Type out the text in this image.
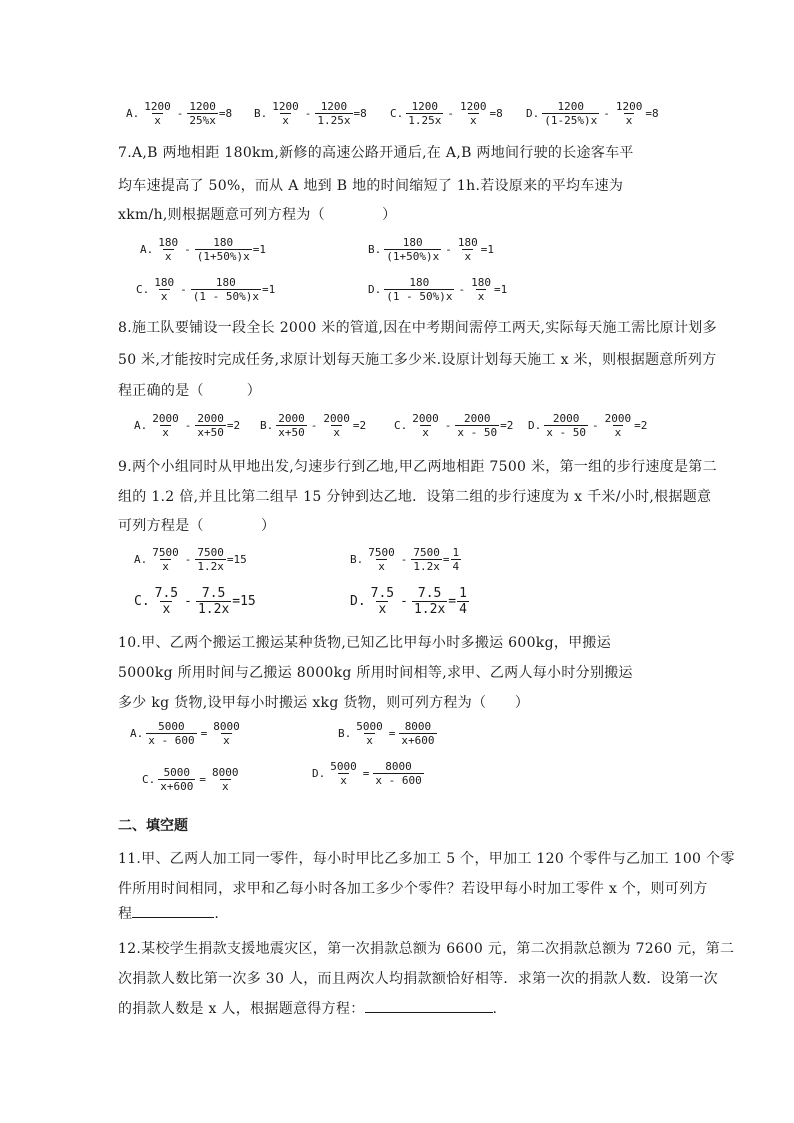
A. $\frac{1200}{x} - \frac{1200}{25\%x} =8$ B. $\frac{1200}{x} - \frac{1200}{1.25x} =8$ C. $\frac{1200}{1.25x} - \frac{1200}{x} =8$ D. $\frac{1200}{(1-25\%)x} - \frac{1200}{x} =8$
7.A,B 两地相距 180km,新修的高速公路开通后,在 A,B 两地间行驶的长途客车平
均车速提高了 50%，而从 A 地到 B 地的时间缩短了 1h.若设原来的平均车速为
xkm/h,则根据题意可列方程为（　　　　）
A. $\frac{180}{x} - \frac{180}{(1+50\%)x} =1$	B. $\frac{180}{(1+50\%)x} - \frac{180}{x} =1$
C. $\frac{180}{x} - \frac{180}{(1 - 50\%)x} =1$	D. $\frac{180}{(1 - 50\%)x} - \frac{180}{x} =1$
8.施工队要铺设一段全长 2000 米的管道,因在中考期间需停工两天,实际每天施工需比原计划多
50 米,才能按时完成任务,求原计划每天施工多少米.设原计划每天施工 x 米，则根据题意所列方
程正确的是（　　　）
A. $\frac{2000}{x} - \frac{2000}{x+50} =2$ B. $\frac{2000}{x+50} - \frac{2000}{x} =2$	C. $\frac{2000}{x} - \frac{2000}{x - 50} =2$ D. $\frac{2000}{x - 50} - \frac{2000}{x} =2$
9.两个小组同时从甲地出发,匀速步行到乙地,甲乙两地相距 7500 米，第一组的步行速度是第二
组的 1.2 倍,并且比第二组早 15 分钟到达乙地．设第二组的步行速度为 x 千米/小时,根据题意
可列方程是（　　　　）
A. $\frac{7500}{x} - \frac{7500}{1.2x} =15$	B. $\frac{7500}{x} - \frac{7500}{1.2x} = \frac{1}{4}$
C. $\frac{7.5}{x} - \frac{7.5}{1.2x} =15$	D. $\frac{7.5}{x} - \frac{7.5}{1.2x} = \frac{1}{4}$
10.甲、乙两个搬运工搬运某种货物,已知乙比甲每小时多搬运 600kg，甲搬运
5000kg 所用时间与乙搬运 8000kg 所用时间相等,求甲、乙两人每小时分别搬运
多少 kg 货物,设甲每小时搬运 xkg 货物，则可列方程为（　　）
A. $\frac{5000}{x - 600} = \frac{8000}{x}$	B. $\frac{5000}{x} = \frac{8000}{x+600}$
C. $\frac{5000}{x+600} = \frac{8000}{x}$	D. $\frac{5000}{x} = \frac{8000}{x - 600}$
二、填空题
11.甲、乙两人加工同一零件，每小时甲比乙多加工 5 个，甲加工 120 个零件与乙加工 100 个零
件所用时间相同，求甲和乙每小时各加工多少个零件？若设甲每小时加工零件 x 个，则可列方
程	.
12.某校学生捐款支援地震灾区，第一次捐款总额为 6600 元，第二次捐款总额为 7260 元，第二
次捐款人数比第一次多 30 人，而且两次人均捐款额恰好相等．求第一次的捐款人数．设第一次
的捐款人数是 x 人，根据题意得方程：	.
